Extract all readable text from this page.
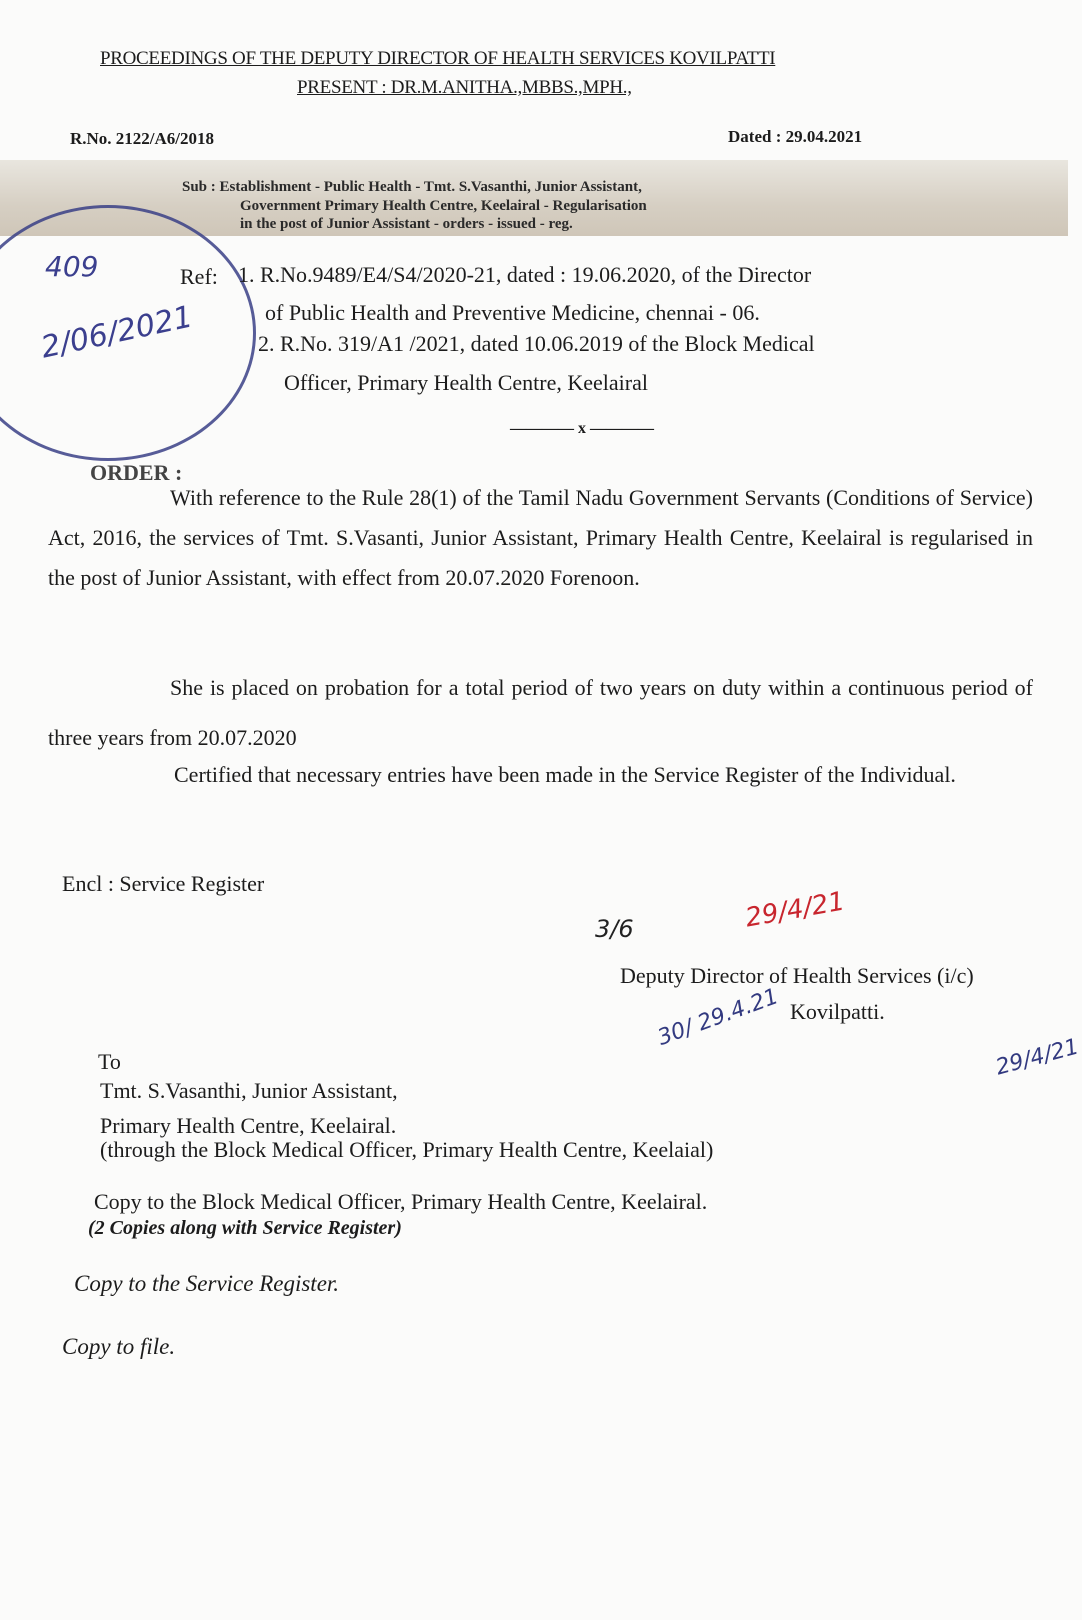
PROCEEDINGS OF THE DEPUTY DIRECTOR OF HEALTH SERVICES KOVILPATTI
PRESENT : DR.M.ANITHA.,MBBS.,MPH.,
R.No. 2122/A6/2018	Dated : 29.04.2021
Sub : Establishment - Public Health - Tmt. S.Vasanthi, Junior Assistant,
Government Primary Health Centre, Keelairal - Regularisation
in the post of Junior Assistant - orders - issued - reg.
409
2/06/2021
Ref: 1. R.No.9489/E4/S4/2020-21, dated : 19.06.2020, of the Director
of Public Health and Preventive Medicine, chennai - 06.
2. R.No. 319/A1 /2021, dated 10.06.2019 of the Block Medical
Officer, Primary Health Centre, Keelairal
———— x ————
ORDER :
With reference to the Rule 28(1) of the Tamil Nadu Government Servants (Conditions of Service) Act, 2016, the services of Tmt. S.Vasanti, Junior Assistant, Primary Health Centre, Keelairal is regularised in the post of Junior Assistant, with effect from 20.07.2020 Forenoon.
She is placed on probation for a total period of two years on duty within a continuous period of three years from 20.07.2020
Certified that necessary entries have been made in the Service Register of the Individual.
Encl : Service Register
3/6	29/4/21
Deputy Director of Health Services (i/c)
Kovilpatti.
30/ 29.4.21
29/4/21
To
Tmt. S.Vasanthi, Junior Assistant,
Primary Health Centre, Keelairal.
(through the Block Medical Officer, Primary Health Centre, Keelaial)
Copy to the Block Medical Officer, Primary Health Centre, Keelairal.
(2 Copies along with Service Register)
Copy to the Service Register.
Copy to file.
